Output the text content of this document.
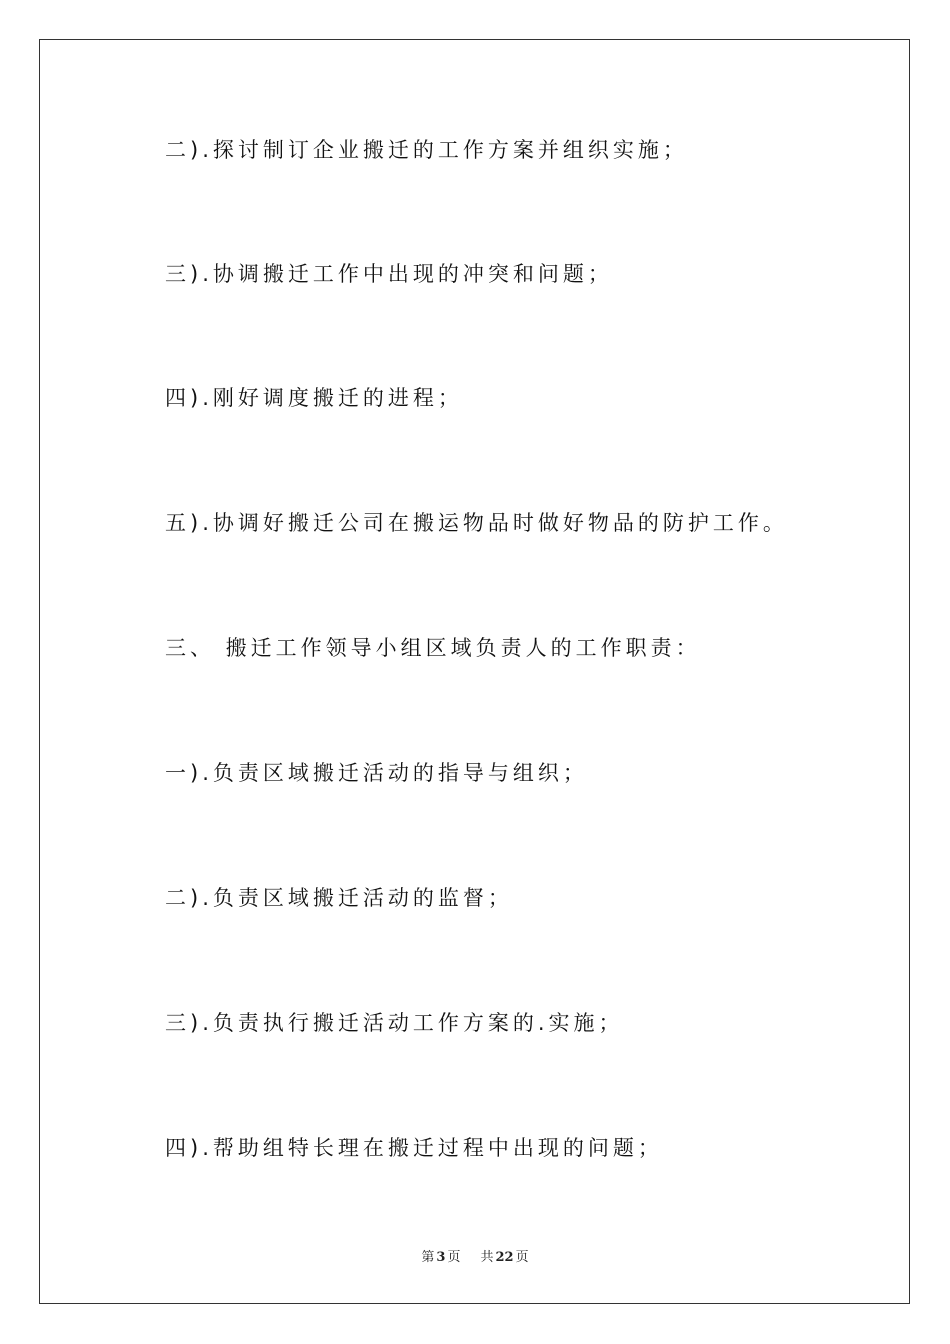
二).探讨制订企业搬迁的工作方案并组织实施；
三).协调搬迁工作中出现的冲突和问题；
四).刚好调度搬迁的进程；
五).协调好搬迁公司在搬运物品时做好物品的防护工作。
三、 搬迁工作领导小组区域负责人的工作职责：
一).负责区域搬迁活动的指导与组织；
二).负责区域搬迁活动的监督；
三).负责执行搬迁活动工作方案的.实施；
四).帮助组特长理在搬迁过程中出现的问题；
第 3 页 共 22 页
